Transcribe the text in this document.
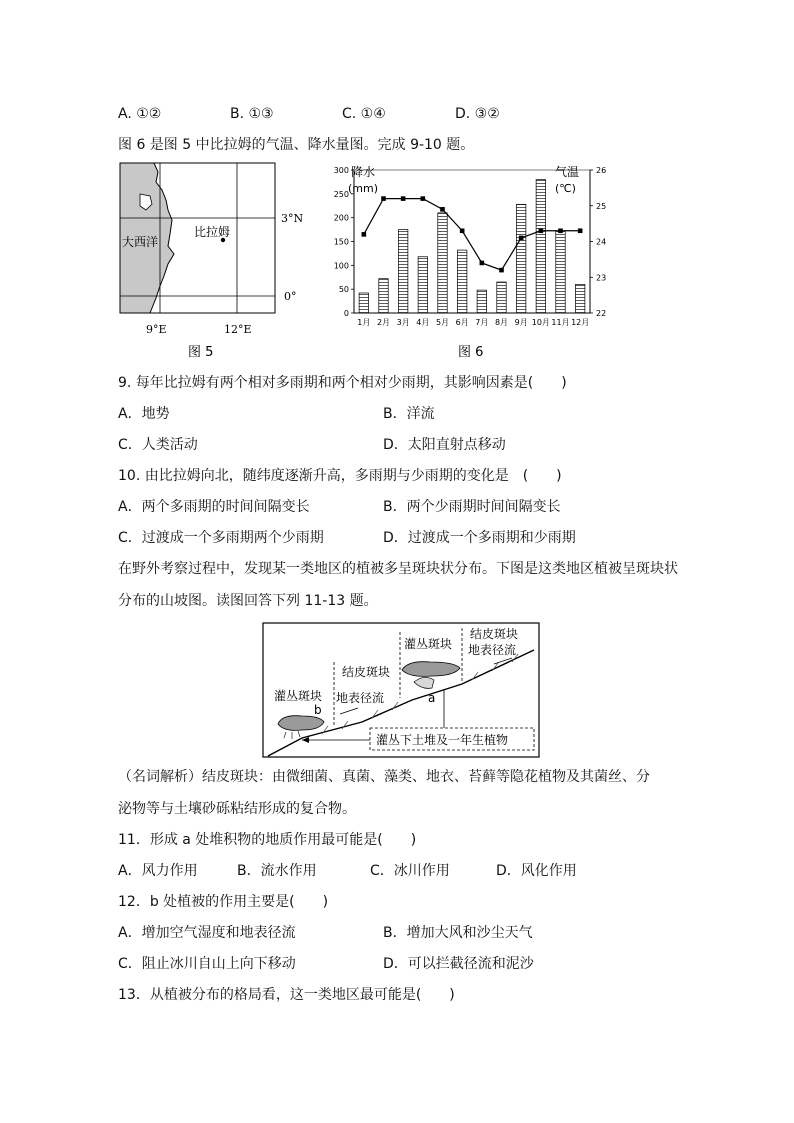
A. ①②	B. ①③	C. ①④	D. ③②
图 6 是图 5 中比拉姆的气温、降水量图。完成 9-10 题。
大西洋
比拉姆
3°N
0°
9°E	12°E
图 5
0
50
100
150
200
250
300
22
23
24
25
26
1月 2月 3月 4月 5月 6月 7月 8月 9月 10月 11月 12月
降水
(mm)
气温
(℃)
图 6
9. 每年比拉姆有两个相对多雨期和两个相对少雨期，其影响因素是(　　)
A．地势	B．洋流
C．人类活动	D．太阳直射点移动
10. 由比拉姆向北，随纬度逐渐升高，多雨期与少雨期的变化是　(　　)
A．两个多雨期的时间间隔变长	B．两个少雨期时间间隔变长
C．过渡成一个多雨期两个少雨期	D．过渡成一个多雨期和少雨期
在野外考察过程中，发现某一类地区的植被多呈斑块状分布。下图是这类地区植被呈斑块状
分布的山坡图。读图回答下列 11-13 题。
灌丛斑块
b
结皮斑块
地表径流
灌丛斑块
a
结皮斑块
地表径流
灌丛下土堆及一年生植物
（名词解析）结皮斑块：由微细菌、真菌、藻类、地衣、苔藓等隐花植物及其菌丝、分
泌物等与土壤砂砾粘结形成的复合物。
11．形成 a 处堆积物的地质作用最可能是(　　)
A．风力作用	B．流水作用	C．冰川作用	D．风化作用
12．b 处植被的作用主要是(　　)
A．增加空气湿度和地表径流	B．增加大风和沙尘天气
C．阻止冰川自山上向下移动	D．可以拦截径流和泥沙
13．从植被分布的格局看，这一类地区最可能是(　　)
